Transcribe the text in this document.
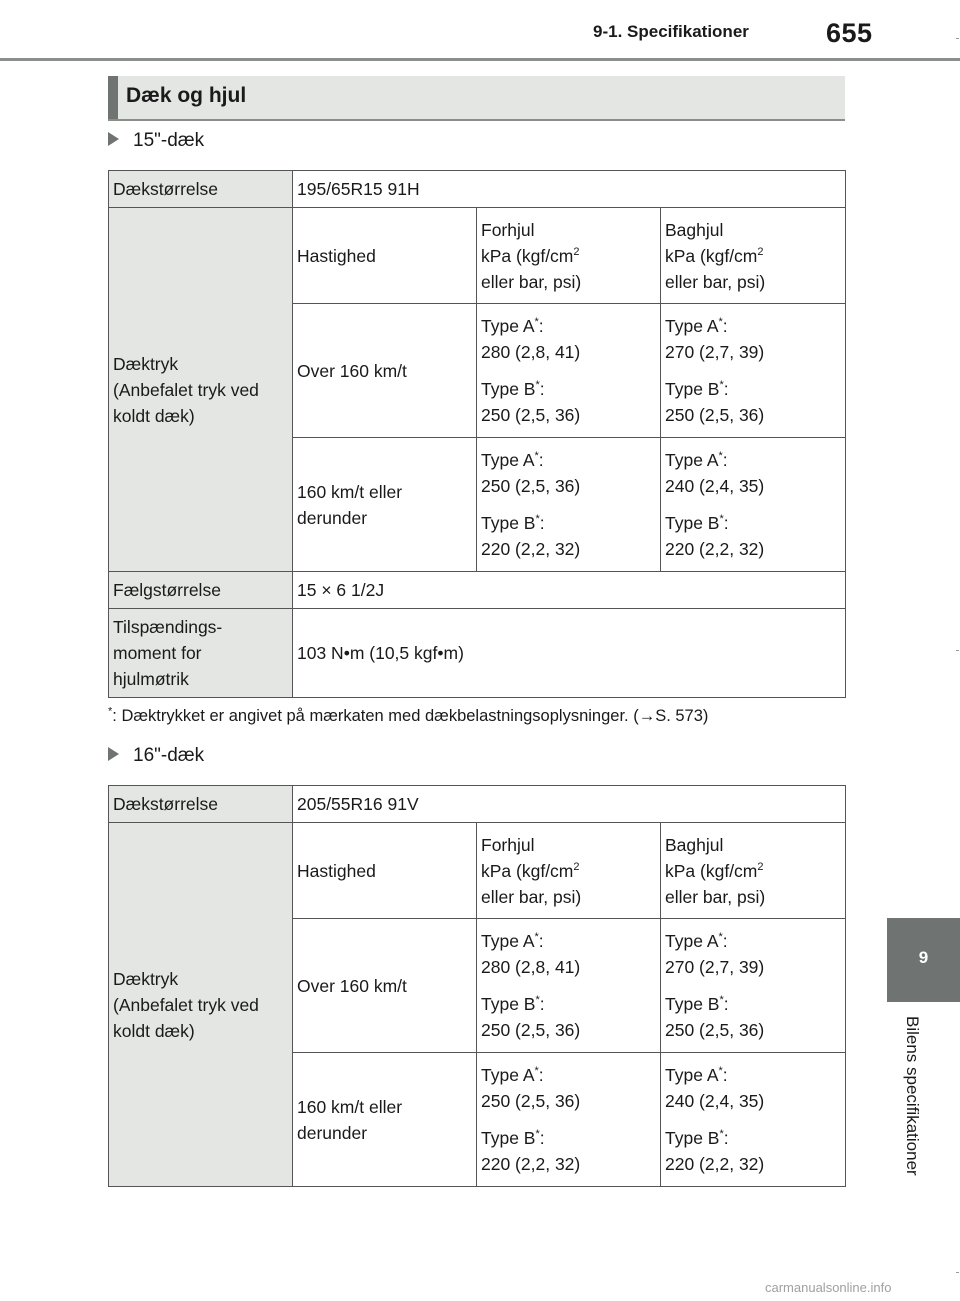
9-1. Specifikationer	655
Dæk og hjul
15"-dæk
Dækstørrelse	195/65R15 91H		

Dæktryk
(Anbefalet tryk ved
koldt dæk)	Hastighed	Forhjul
kPa ($kgf/cm^2$
eller bar, psi)	Baghjul
kPa ($kgf/cm^2$
eller bar, psi)

	Over 160 km/t	Type A*:
280 (2,8, 41)
Type B*:
250 (2,5, 36)	Type A*:
270 (2,7, 39)
Type B*:
250 (2,5, 36)

	160 km/t eller
derunder	Type A*:
250 (2,5, 36)
Type B*:
220 (2,2, 32)	Type A*:
240 (2,4, 35)
Type B*:
220 (2,2, 32)

Fælgstørrelse	15 × 6 1/2J		

Tilspændings-
moment for
hjulmøtrik	103 N•m (10,5 kgf•m)		
*: Dæktrykket er angivet på mærkaten med dækbelastningsoplysninger. (→S. 573)
16"-dæk
Dækstørrelse	205/55R16 91V		

Dæktryk
(Anbefalet tryk ved
koldt dæk)	Hastighed	Forhjul
kPa ($kgf/cm^2$
eller bar, psi)	Baghjul
kPa ($kgf/cm^2$
eller bar, psi)

	Over 160 km/t	Type A*:
280 (2,8, 41)
Type B*:
250 (2,5, 36)	Type A*:
270 (2,7, 39)
Type B*:
250 (2,5, 36)

	160 km/t eller
derunder	Type A*:
250 (2,5, 36)
Type B*:
220 (2,2, 32)	Type A*:
240 (2,4, 35)
Type B*:
220 (2,2, 32)
9
Bilens specifikationer
carmanualsonline.info
